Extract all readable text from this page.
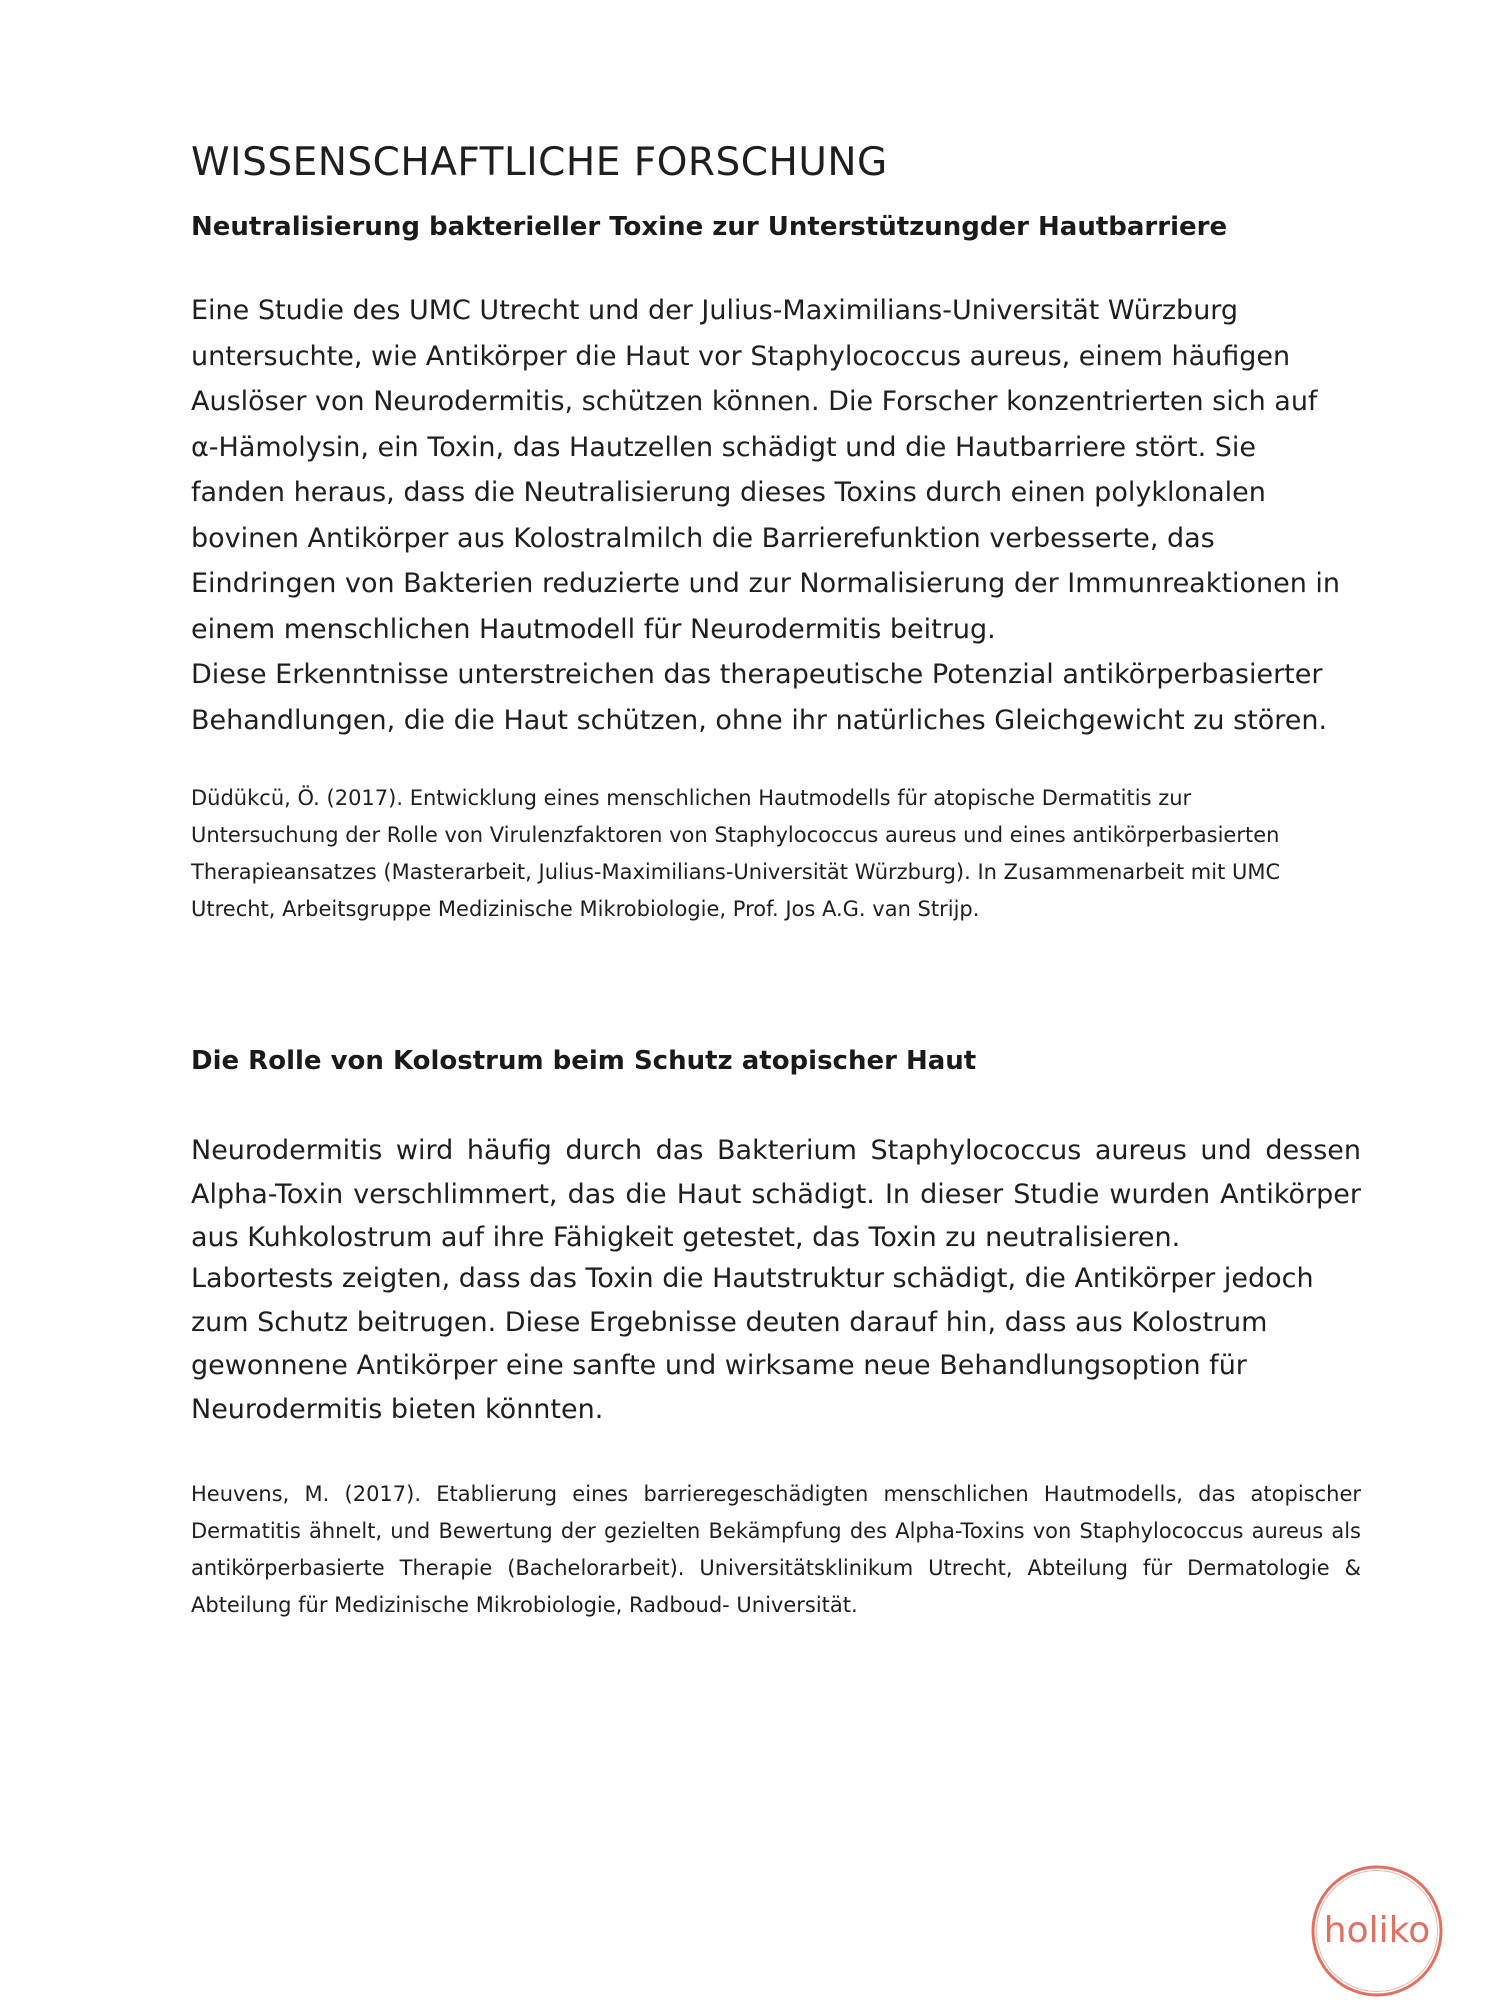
WISSENSCHAFTLICHE FORSCHUNG
Neutralisierung bakterieller Toxine zur Unterstützungder Hautbarriere

Eine Studie des UMC Utrecht und der Julius-Maximilians-Universität Würzburg untersuchte, wie Antikörper die Haut vor Staphylococcus aureus, einem häufigen Auslöser von Neurodermitis, schützen können. Die Forscher konzentrierten sich auf α-Hämolysin, ein Toxin, das Hautzellen schädigt und die Hautbarriere stört. Sie fanden heraus, dass die Neutralisierung dieses Toxins durch einen polyklonalen bovinen Antikörper aus Kolostralmilch die Barrierefunktion verbesserte, das Eindringen von Bakterien reduzierte und zur Normalisierung der Immunreaktionen in einem menschlichen Hautmodell für Neurodermitis beitrug.

Diese Erkenntnisse unterstreichen das therapeutische Potenzial antikörperbasierter Behandlungen, die die Haut schützen, ohne ihr natürliches Gleichgewicht zu stören.

Düdükcü, Ö. (2017). Entwicklung eines menschlichen Hautmodells für atopische Dermatitis zur Untersuchung der Rolle von Virulenzfaktoren von Staphylococcus aureus und eines antikörperbasierten Therapieansatzes (Masterarbeit, Julius-Maximilians-Universität Würzburg). In Zusammenarbeit mit UMC Utrecht, Arbeitsgruppe Medizinische Mikrobiologie, Prof. Jos A.G. van Strijp.

Die Rolle von Kolostrum beim Schutz atopischer Haut

Neurodermitis wird häufig durch das Bakterium Staphylococcus aureus und dessen Alpha-Toxin verschlimmert, das die Haut schädigt. In dieser Studie wurden Antikörper aus Kuhkolostrum auf ihre Fähigkeit getestet, das Toxin zu neutralisieren.

Labortests zeigten, dass das Toxin die Hautstruktur schädigt, die Antikörper jedoch zum Schutz beitrugen. Diese Ergebnisse deuten darauf hin, dass aus Kolostrum gewonnene Antikörper eine sanfte und wirksame neue Behandlungsoption für Neurodermitis bieten könnten.

Heuvens, M. (2017). Etablierung eines barrieregeschädigten menschlichen Hautmodells, das atopischer Dermatitis ähnelt, und Bewertung der gezielten Bekämpfung des Alpha-Toxins von Staphylococcus aureus als antikörperbasierte Therapie (Bachelorarbeit). Universitätsklinikum Utrecht, Abteilung für Dermatologie & Abteilung für Medizinische Mikrobiologie, Radboud- Universität.

holiko
